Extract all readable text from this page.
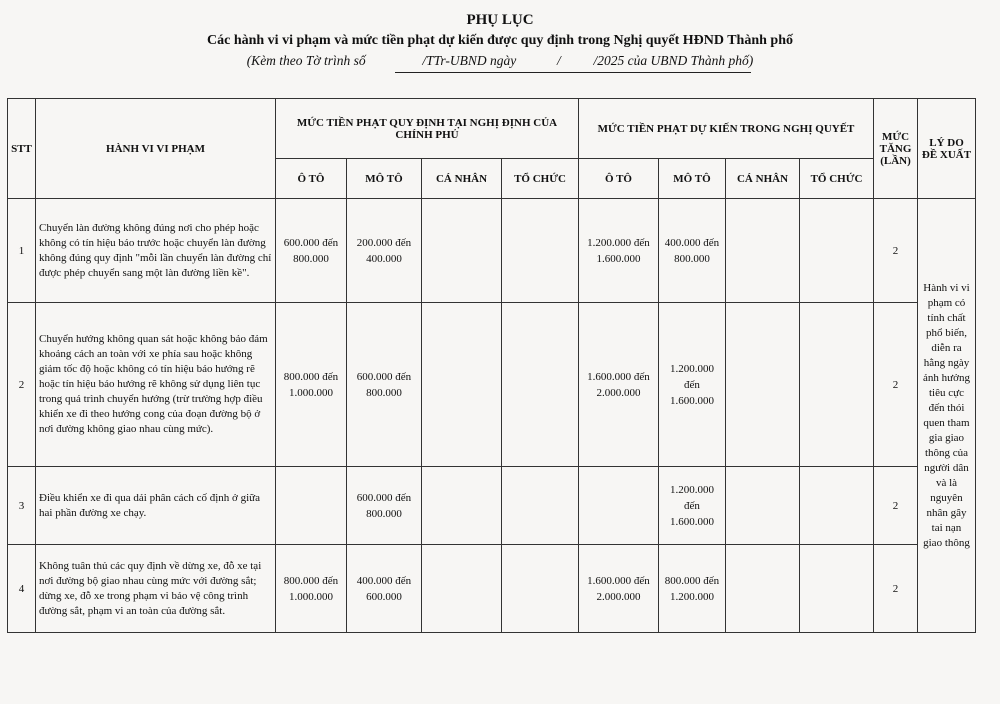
PHỤ LỤC
Các hành vi vi phạm và mức tiền phạt dự kiến được quy định trong Nghị quyết HĐND Thành phố
(Kèm theo Tờ trình số	/TTr-UBND ngày	/ /2025 của UBND Thành phố)
STT	HÀNH VI VI PHẠM	MỨC TIỀN PHẠT QUY ĐỊNH TẠI NGHỊ ĐỊNH CỦA CHÍNH PHỦ				MỨC TIỀN PHẠT DỰ KIẾN TRONG NGHỊ QUYẾT				MỨC TĂNG (LẦN)	LÝ DO ĐỀ XUẤT
		Ô TÔ	MÔ TÔ	CÁ NHÂN	TỔ CHỨC	Ô TÔ	MÔ TÔ	CÁ NHÂN	TỔ CHỨC		
1	Chuyển làn đường không đúng nơi cho phép hoặc không có tín hiệu báo trước hoặc chuyển làn đường không đúng quy định "mỗi lần chuyển làn đường chỉ được phép chuyển sang một làn đường liền kề".	600.000 đến 800.000	200.000 đến 400.000			1.200.000 đến 1.600.000	400.000 đến 800.000			2	Hành vi vi phạm có tính chất phổ biến, diễn ra hằng ngày ảnh hưởng tiêu cực đến thói quen tham gia giao thông của người dân và là nguyên nhân gây tai nạn giao thông
2	Chuyển hướng không quan sát hoặc không bảo đảm khoảng cách an toàn với xe phía sau hoặc không giảm tốc độ hoặc không có tín hiệu báo hướng rẽ hoặc tín hiệu báo hướng rẽ không sử dụng liên tục trong quá trình chuyển hướng (trừ trường hợp điều khiển xe đi theo hướng cong của đoạn đường bộ ở nơi đường không giao nhau cùng mức).	800.000 đến 1.000.000	600.000 đến 800.000			1.600.000 đến 2.000.000	1.200.000 đến 1.600.000			2	
3	Điều khiển xe đi qua dải phân cách cố định ở giữa hai phần đường xe chạy.		600.000 đến 800.000				1.200.000 đến 1.600.000			2	
4	Không tuân thủ các quy định về dừng xe, đỗ xe tại nơi đường bộ giao nhau cùng mức với đường sắt; dừng xe, đỗ xe trong phạm vi bảo vệ công trình đường sắt, phạm vi an toàn của đường sắt.	800.000 đến 1.000.000	400.000 đến 600.000			1.600.000 đến 2.000.000	800.000 đến 1.200.000			2	
